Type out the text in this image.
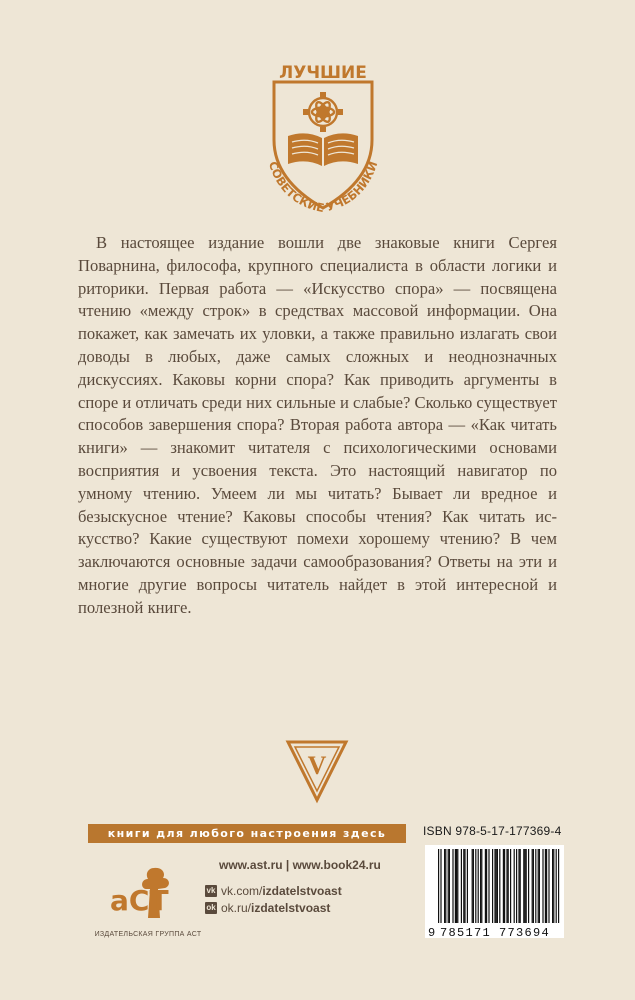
ЛУЧШИЕ
СОВЕТСКИЕ УЧЕБНИКИ

В настоящее издание вошли две знаковые книги Сергея Поварнина, философа, крупного специалиста в области логики и риторики. Первая работа — «Искусство спора» — посвящена чтению «между строк» в средствах массовой информации. Она покажет, как замечать их уловки, а также правильно излагать свои доводы в любых, даже самых сложных и неоднозначных дискуссиях. Каковы корни спора? Как приводить аргументы в споре и отличать среди них сильные и слабые? Сколько существует способов завершения спора? Вторая работа автора — «Как читать книги» — знакомит читателя с психологическими основами восприятия и усвоения текста. Это настоящий навигатор по умному чтению. Умеем ли мы читать? Бывает ли вредное и безыскусное чтение? Каковы способы чтения? Как читать искусство? Какие существуют помехи хорошему чтению? В чем заключаются основные задачи самообразования? Ответы на эти и многие другие вопросы читатель найдет в этой интересной и полезной книге.

V
книги для любого настроения здесь
aCT
ИЗДАТЕЛЬСКАЯ ГРУППА АСТ
www.ast.ru | www.book24.ru
vk vk.com/ izdatelstvoast
ok ok.ru/ izdatelstvoast
ISBN 978-5-17-177369-4
9 785171 773694
